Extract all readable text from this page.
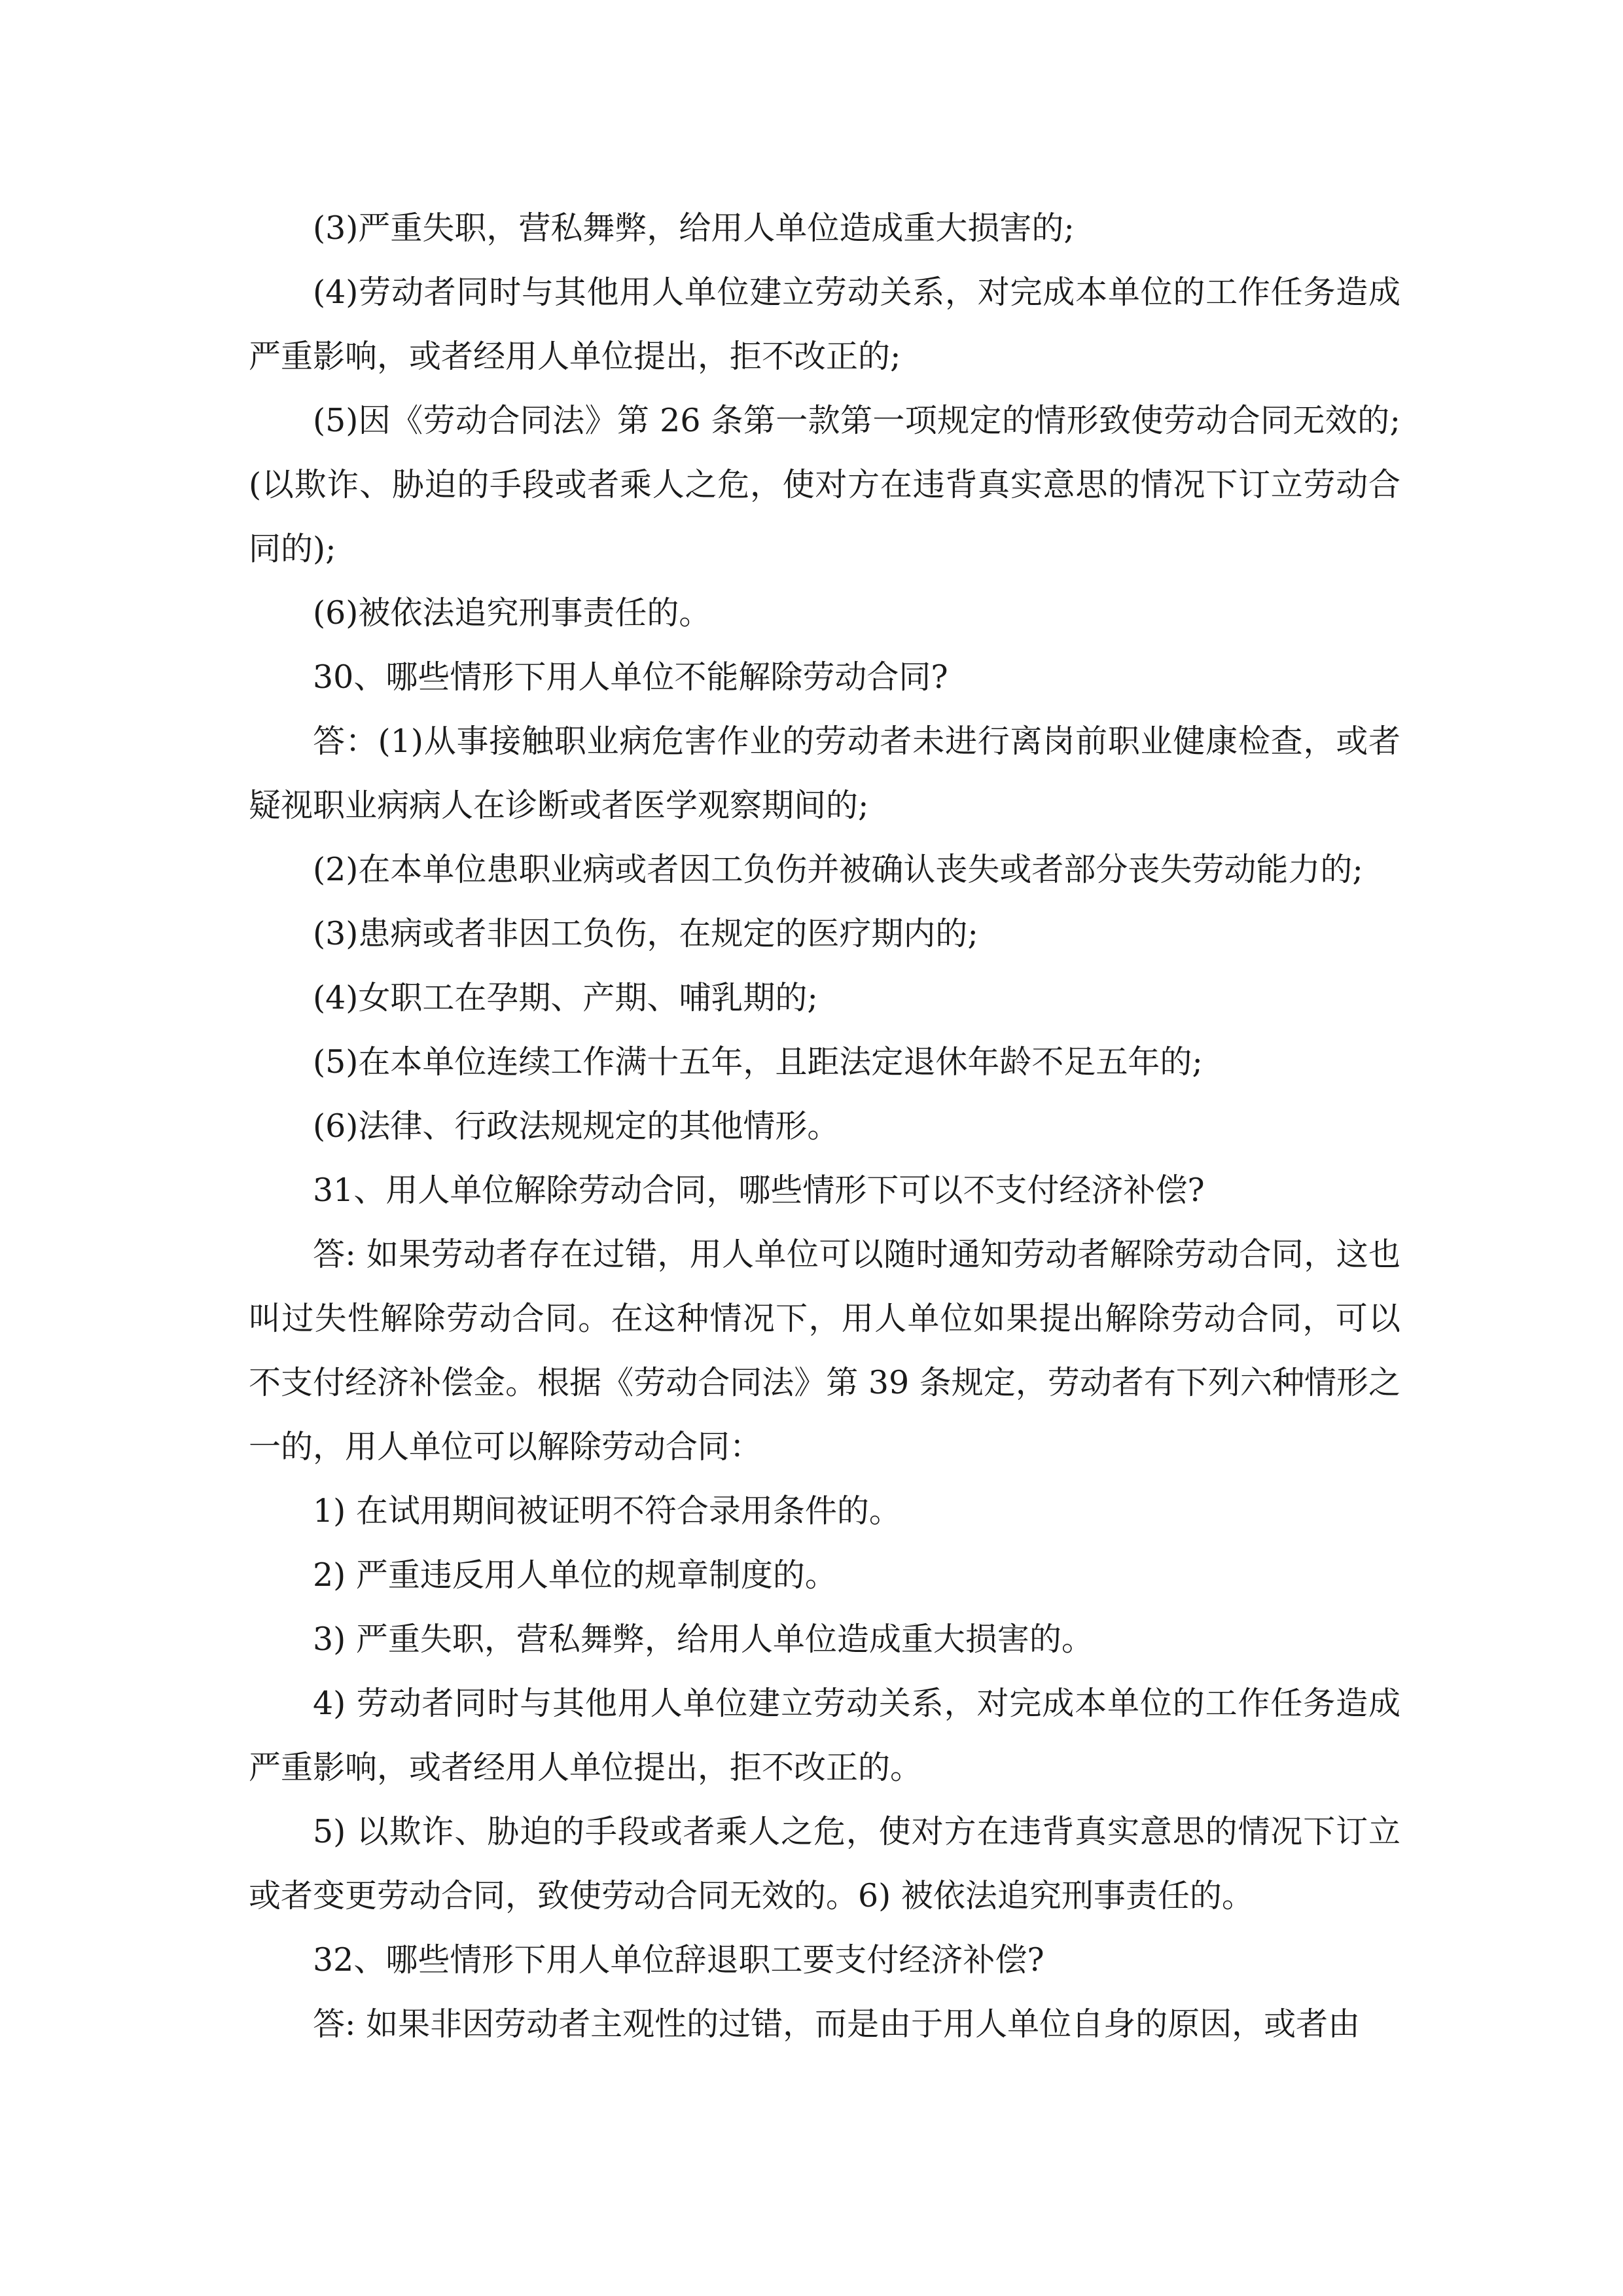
(3)严重失职，营私舞弊，给用人单位造成重大损害的;

(4)劳动者同时与其他用人单位建立劳动关系，对完成本单位的工作任务造成严重影响，或者经用人单位提出，拒不改正的;

(5)因《劳动合同法》第 26 条第一款第一项规定的情形致使劳动合同无效的;(以欺诈、胁迫的手段或者乘人之危，使对方在违背真实意思的情况下订立劳动合同的);

(6)被依法追究刑事责任的。

30、哪些情形下用人单位不能解除劳动合同?

答：(1)从事接触职业病危害作业的劳动者未进行离岗前职业健康检查，或者疑视职业病病人在诊断或者医学观察期间的;

(2)在本单位患职业病或者因工负伤并被确认丧失或者部分丧失劳动能力的;

(3)患病或者非因工负伤，在规定的医疗期内的;

(4)女职工在孕期、产期、哺乳期的;

(5)在本单位连续工作满十五年，且距法定退休年龄不足五年的;

(6)法律、行政法规规定的其他情形。

31、用人单位解除劳动合同，哪些情形下可以不支付经济补偿?

答: 如果劳动者存在过错，用人单位可以随时通知劳动者解除劳动合同，这也叫过失性解除劳动合同。在这种情况下，用人单位如果提出解除劳动合同，可以不支付经济补偿金。根据《劳动合同法》第 39 条规定，劳动者有下列六种情形之一的，用人单位可以解除劳动合同：

1) 在试用期间被证明不符合录用条件的。

2) 严重违反用人单位的规章制度的。

3) 严重失职，营私舞弊，给用人单位造成重大损害的。

4) 劳动者同时与其他用人单位建立劳动关系，对完成本单位的工作任务造成严重影响，或者经用人单位提出，拒不改正的。

5) 以欺诈、胁迫的手段或者乘人之危，使对方在违背真实意思的情况下订立或者变更劳动合同，致使劳动合同无效的。6) 被依法追究刑事责任的。

32、哪些情形下用人单位辞退职工要支付经济补偿?

答: 如果非因劳动者主观性的过错，而是由于用人单位自身的原因，或者由
